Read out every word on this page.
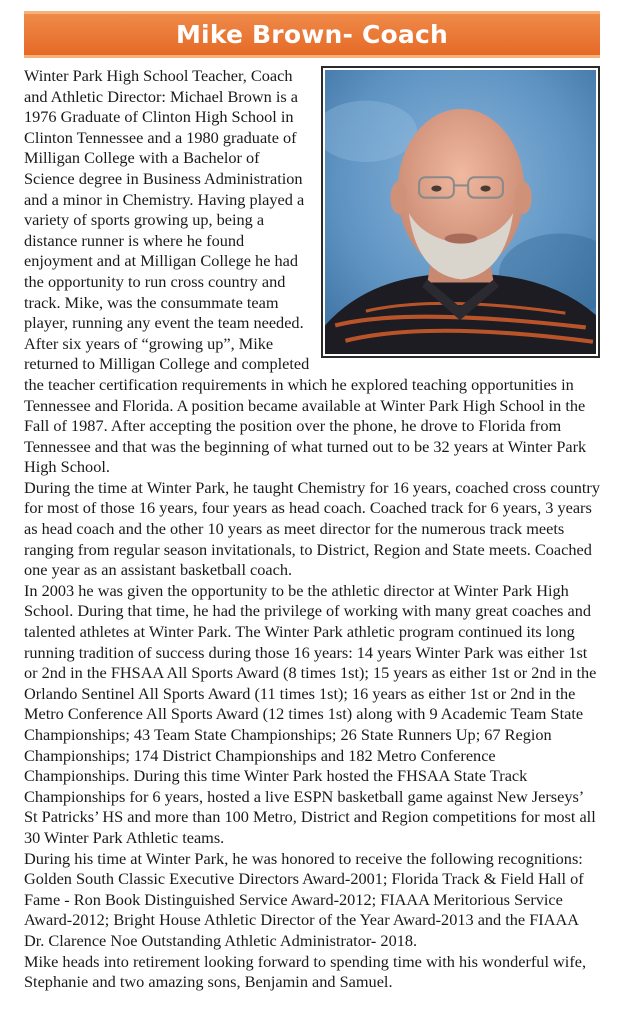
Mike Brown- Coach

Winter Park High School Teacher, Coach and Athletic Director: Michael Brown is a 1976 Graduate of Clinton High School in Clinton Tennessee and a 1980 graduate of Milligan College with a Bachelor of Science degree in Business Administration and a minor in Chemistry. Having played a variety of sports growing up, being a distance runner is where he found enjoyment and at Milligan College he had the opportunity to run cross country and track. Mike, was the consummate team player, running any event the team needed. After six years of “growing up”, Mike returned to Milligan College and completed the teacher certification requirements in which he explored teaching opportunities in Tennessee and Florida. A position became available at Winter Park High School in the Fall of 1987. After accepting the position over the phone, he drove to Florida from Tennessee and that was the beginning of what turned out to be 32 years at Winter Park High School.

During the time at Winter Park, he taught Chemistry for 16 years, coached cross country for most of those 16 years, four years as head coach. Coached track for 6 years, 3 years as head coach and the other 10 years as meet director for the numerous track meets ranging from regular season invitationals, to District, Region and State meets. Coached one year as an assistant basketball coach.

In 2003 he was given the opportunity to be the athletic director at Winter Park High School. During that time, he had the privilege of working with many great coaches and talented athletes at Winter Park. The Winter Park athletic program continued its long running tradition of success during those 16 years: 14 years Winter Park was either 1st or 2nd in the FHSAA All Sports Award (8 times 1st); 15 years as either 1st or 2nd in the Orlando Sentinel All Sports Award (11 times 1st); 16 years as either 1st or 2nd in the Metro Conference All Sports Award (12 times 1st) along with 9 Academic Team State Championships; 43 Team State Championships; 26 State Runners Up; 67 Region Championships; 174 District Championships and 182 Metro Conference Championships. During this time Winter Park hosted the FHSAA State Track Championships for 6 years, hosted a live ESPN basketball game against New Jerseys’ St Patricks’ HS and more than 100 Metro, District and Region competitions for most all 30 Winter Park Athletic teams.

During his time at Winter Park, he was honored to receive the following recognitions: Golden South Classic Executive Directors Award-2001; Florida Track & Field Hall of Fame - Ron Book Distinguished Service Award-2012; FIAAA Meritorious Service Award-2012; Bright House Athletic Director of the Year Award-2013 and the FIAAA Dr. Clarence Noe Outstanding Athletic Administrator- 2018.

Mike heads into retirement looking forward to spending time with his wonderful wife, Stephanie and two amazing sons, Benjamin and Samuel.
